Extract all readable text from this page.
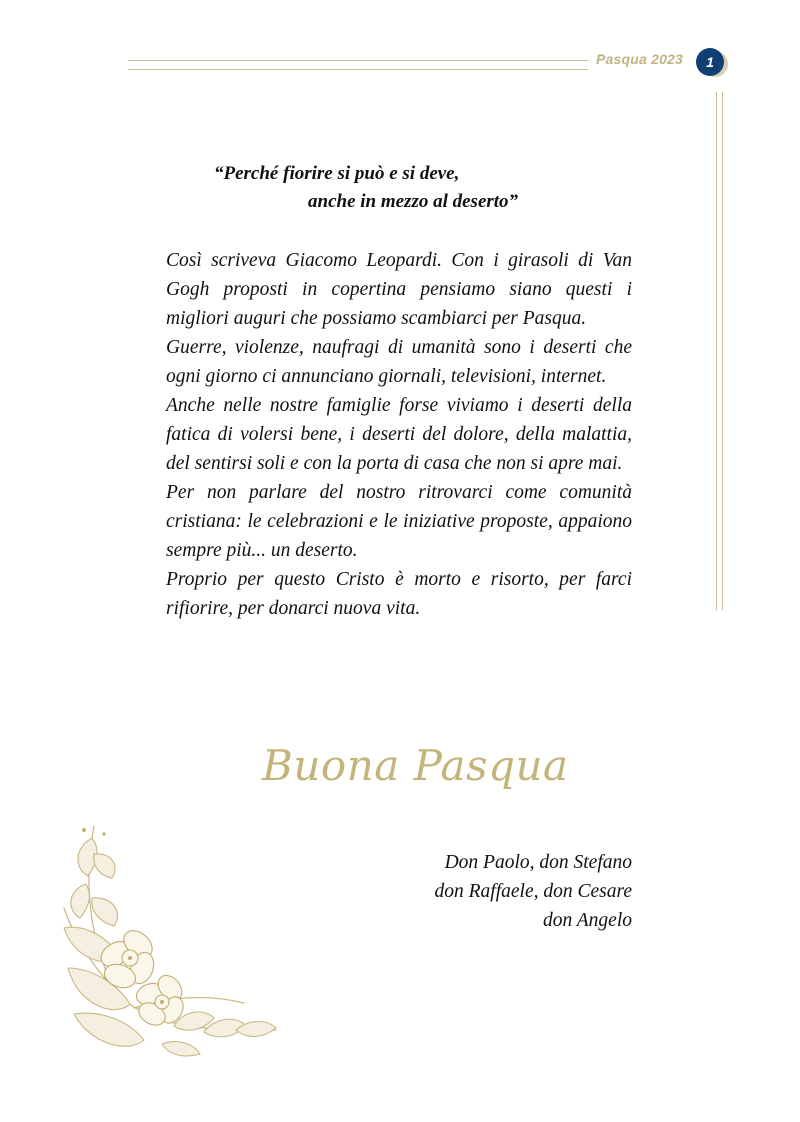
Pasqua 2023	1
“Perché fiorire si può e si deve,
anche in mezzo al deserto”

Così scriveva Giacomo Leopardi. Con i girasoli di Van Gogh proposti in copertina pensiamo siano questi i migliori auguri che possiamo scambiarci per Pasqua.

Guerre, violenze, naufragi di umanità sono i deserti che ogni giorno ci annunciano giornali, televisioni, internet.

Anche nelle nostre famiglie forse viviamo i deserti della fatica di volersi bene, i deserti del dolore, della malattia, del sentirsi soli e con la porta di casa che non si apre mai.

Per non parlare del nostro ritrovarci come comunità cristiana: le celebrazioni e le iniziative proposte, appaiono sempre più... un deserto.

Proprio per questo Cristo è morto e risorto, per farci rifiorire, per donarci nuova vita.

Buona Pasqua
Don Paolo, don Stefano
don Raffaele, don Cesare
don Angelo
